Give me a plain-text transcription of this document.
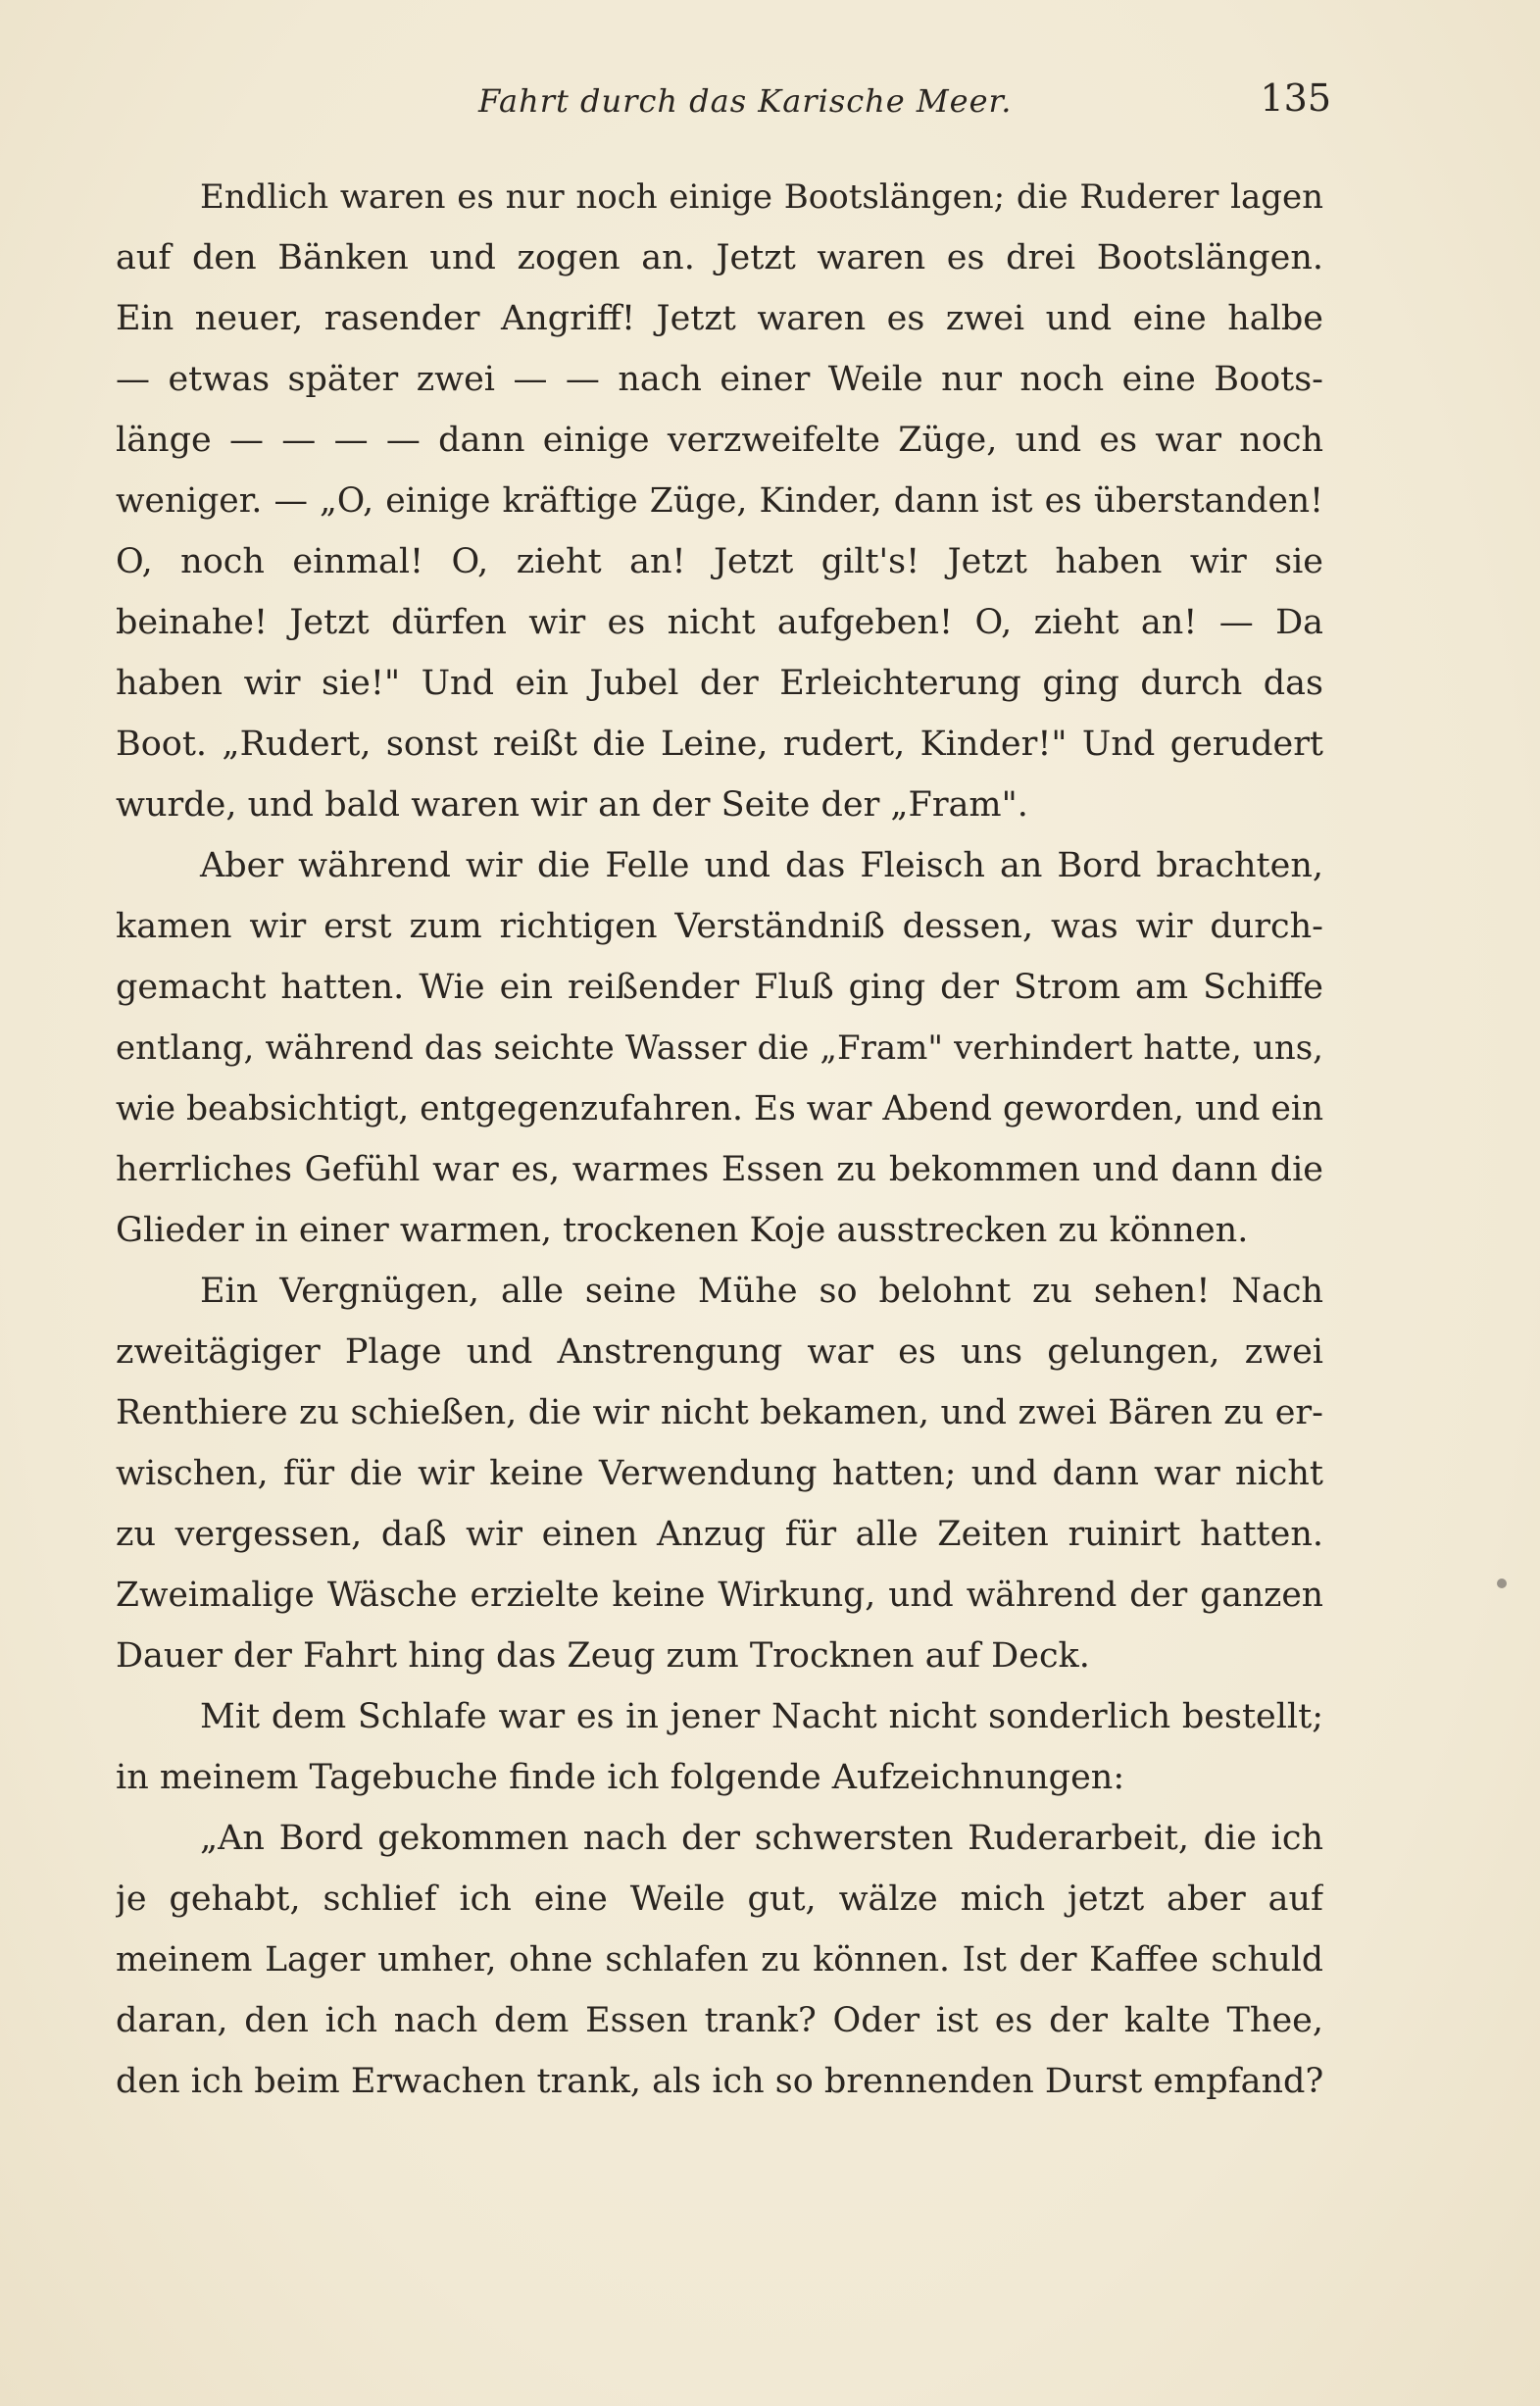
Fahrt durch das Karische Meer.	135
Endlich waren es nur noch einige Bootslängen; die Ruderer lagen
auf den Bänken und zogen an. Jetzt waren es drei Bootslängen.
Ein neuer, rasender Angriff! Jetzt waren es zwei und eine halbe
— etwas später zwei — — nach einer Weile nur noch eine Boots-
länge — — — — dann einige verzweifelte Züge, und es war noch
weniger. — „O, einige kräftige Züge, Kinder, dann ist es überstanden!
O, noch einmal! O, zieht an! Jetzt gilt's! Jetzt haben wir sie
beinahe! Jetzt dürfen wir es nicht aufgeben! O, zieht an! — Da
haben wir sie!" Und ein Jubel der Erleichterung ging durch das
Boot. „Rudert, sonst reißt die Leine, rudert, Kinder!" Und gerudert
wurde, und bald waren wir an der Seite der „Fram".
Aber während wir die Felle und das Fleisch an Bord brachten,
kamen wir erst zum richtigen Verständniß dessen, was wir durch-
gemacht hatten. Wie ein reißender Fluß ging der Strom am Schiffe
entlang, während das seichte Wasser die „Fram" verhindert hatte, uns,
wie beabsichtigt, entgegenzufahren. Es war Abend geworden, und ein
herrliches Gefühl war es, warmes Essen zu bekommen und dann die
Glieder in einer warmen, trockenen Koje ausstrecken zu können.
Ein Vergnügen, alle seine Mühe so belohnt zu sehen! Nach
zweitägiger Plage und Anstrengung war es uns gelungen, zwei
Renthiere zu schießen, die wir nicht bekamen, und zwei Bären zu er-
wischen, für die wir keine Verwendung hatten; und dann war nicht
zu vergessen, daß wir einen Anzug für alle Zeiten ruinirt hatten.
Zweimalige Wäsche erzielte keine Wirkung, und während der ganzen
Dauer der Fahrt hing das Zeug zum Trocknen auf Deck.
Mit dem Schlafe war es in jener Nacht nicht sonderlich bestellt;
in meinem Tagebuche finde ich folgende Aufzeichnungen:
„An Bord gekommen nach der schwersten Ruderarbeit, die ich
je gehabt, schlief ich eine Weile gut, wälze mich jetzt aber auf
meinem Lager umher, ohne schlafen zu können. Ist der Kaffee schuld
daran, den ich nach dem Essen trank? Oder ist es der kalte Thee,
den ich beim Erwachen trank, als ich so brennenden Durst empfand?
